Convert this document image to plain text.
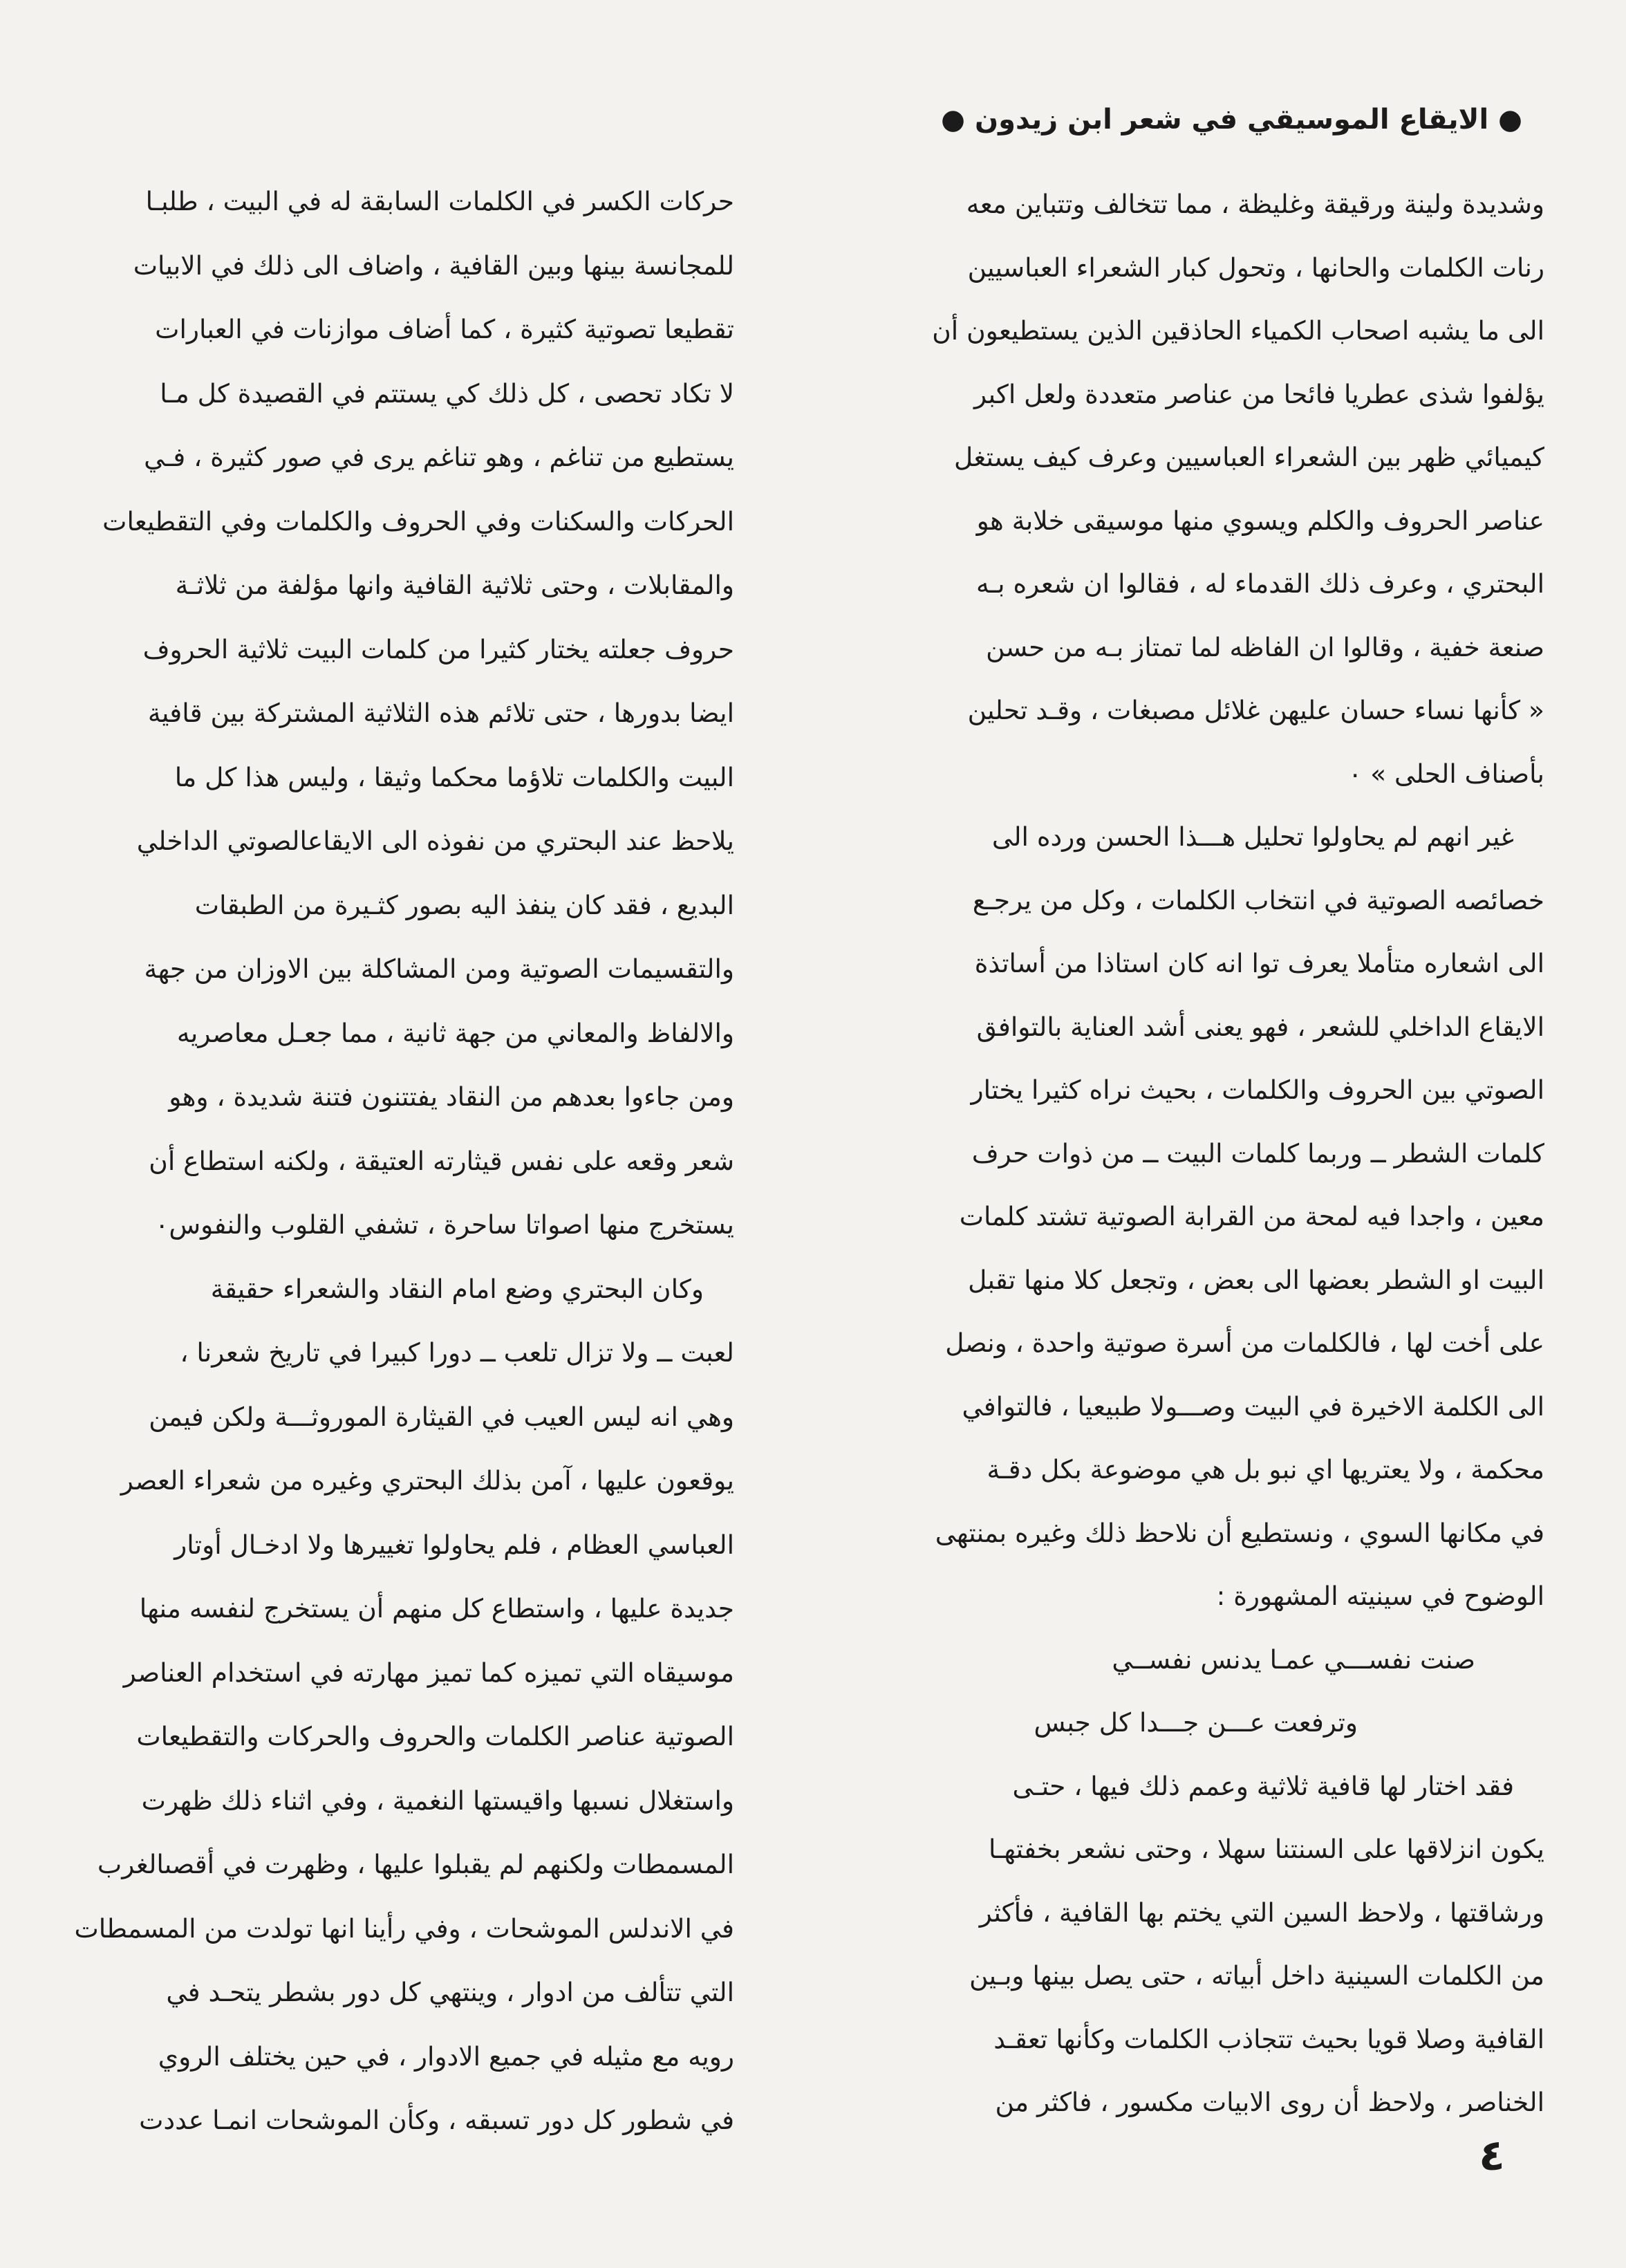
● الايقاع الموسيقي في شعر ابن زيدون ●
وشديدة ولينة ورقيقة وغليظة ، مما تتخالف وتتباين معه
رنات الكلمات والحانها ، وتحول كبار الشعراء العباسيين
الى ما يشبه اصحاب الكمياء الحاذقين الذين يستطيعون أن
يؤلفوا شذى عطريا فائحا من عناصر متعددة ولعل اكبر
كيميائي ظهر بين الشعراء العباسيين وعرف كيف يستغل
عناصر الحروف والكلم ويسوي منها موسيقى خلابة هو
البحتري ، وعرف ذلك القدماء له ، فقالوا ان شعره بـه
صنعة خفية ، وقالوا ان الفاظه لما تمتاز بـه من حسن
« كأنها نساء حسان عليهن غلائل مصبغات ، وقـد تحلين
بأصناف الحلى » ٠
غير انهم لم يحاولوا تحليل هـــذا الحسن ورده الى
خصائصه الصوتية في انتخاب الكلمات ، وكل من يرجـع
الى اشعاره متأملا يعرف توا انه كان استاذا من أساتذة
الايقاع الداخلي للشعر ، فهو يعنى أشد العناية بالتوافق
الصوتي بين الحروف والكلمات ، بحيث نراه كثيرا يختار
كلمات الشطر ــ وربما كلمات البيت ــ من ذوات حرف
معين ، واجدا فيه لمحة من القرابة الصوتية تشتد كلمات
البيت او الشطر بعضها الى بعض ، وتجعل كلا منها تقبل
على أخت لها ، فالكلمات من أسرة صوتية واحدة ، ونصل
الى الكلمة الاخيرة في البيت وصـــولا طبيعيا ، فالتوافي
محكمة ، ولا يعتريها اي نبو بل هي موضوعة بكل دقـة
في مكانها السوي ، ونستطيع أن نلاحظ ذلك وغيره بمنتهى
الوضوح في سينيته المشهورة :
صنت نفســـي عمـا يدنس نفســي
وترفعت عـــن جـــدا كل جبس
فقد اختار لها قافية ثلاثية وعمم ذلك فيها ، حتـى
يكون انزلاقها على السنتنا سهلا ، وحتى نشعر بخفتهـا
ورشاقتها ، ولاحظ السين التي يختم بها القافية ، فأكثر
من الكلمات السينية داخل أبياته ، حتى يصل بينها وبـين
القافية وصلا قويا بحيث تتجاذب الكلمات وكأنها تعقـد
الخناصر ، ولاحظ أن روى الابيات مكسور ، فاكثر من
حركات الكسر في الكلمات السابقة له في البيت ، طلبـا
للمجانسة بينها وبين القافية ، واضاف الى ذلك في الابيات
تقطيعا تصوتية كثيرة ، كما أضاف موازنات في العبارات
لا تكاد تحصى ، كل ذلك كي يستتم في القصيدة كل مـا
يستطيع من تناغم ، وهو تناغم يرى في صور كثيرة ، فـي
الحركات والسكنات وفي الحروف والكلمات وفي التقطيعات
والمقابلات ، وحتى ثلاثية القافية وانها مؤلفة من ثلاثـة
حروف جعلته يختار كثيرا من كلمات البيت ثلاثية الحروف
ايضا بدورها ، حتى تلائم هذه الثلاثية المشتركة بين قافية
البيت والكلمات تلاؤما محكما وثيقا ، وليس هذا كل ما
يلاحظ عند البحتري من نفوذه الى الايقاعالصوتي الداخلي
البديع ، فقد كان ينفذ اليه بصور كثـيرة من الطبقات
والتقسيمات الصوتية ومن المشاكلة بين الاوزان من جهة
والالفاظ والمعاني من جهة ثانية ، مما جعـل معاصريه
ومن جاءوا بعدهم من النقاد يفتتنون فتنة شديدة ، وهو
شعر وقعه على نفس قيثارته العتيقة ، ولكنه استطاع أن
يستخرج منها اصواتا ساحرة ، تشفي القلوب والنفوس٠
وكان البحتري وضع امام النقاد والشعراء حقيقة
لعبت ــ ولا تزال تلعب ــ دورا كبيرا في تاريخ شعرنا ،
وهي انه ليس العيب في القيثارة الموروثـــة ولكن فيمن
يوقعون عليها ، آمن بذلك البحتري وغيره من شعراء العصر
العباسي العظام ، فلم يحاولوا تغييرها ولا ادخـال أوتار
جديدة عليها ، واستطاع كل منهم أن يستخرج لنفسه منها
موسيقاه التي تميزه كما تميز مهارته في استخدام العناصر
الصوتية عناصر الكلمات والحروف والحركات والتقطيعات
واستغلال نسبها واقيستها النغمية ، وفي اثناء ذلك ظهرت
المسمطات ولكنهم لم يقبلوا عليها ، وظهرت في أقصىالغرب
في الاندلس الموشحات ، وفي رأينا انها تولدت من المسمطات
التي تتألف من ادوار ، وينتهي كل دور بشطر يتحـد في
رويه مع مثيله في جميع الادوار ، في حين يختلف الروي
في شطور كل دور تسبقه ، وكأن الموشحات انمـا عددت
٤
